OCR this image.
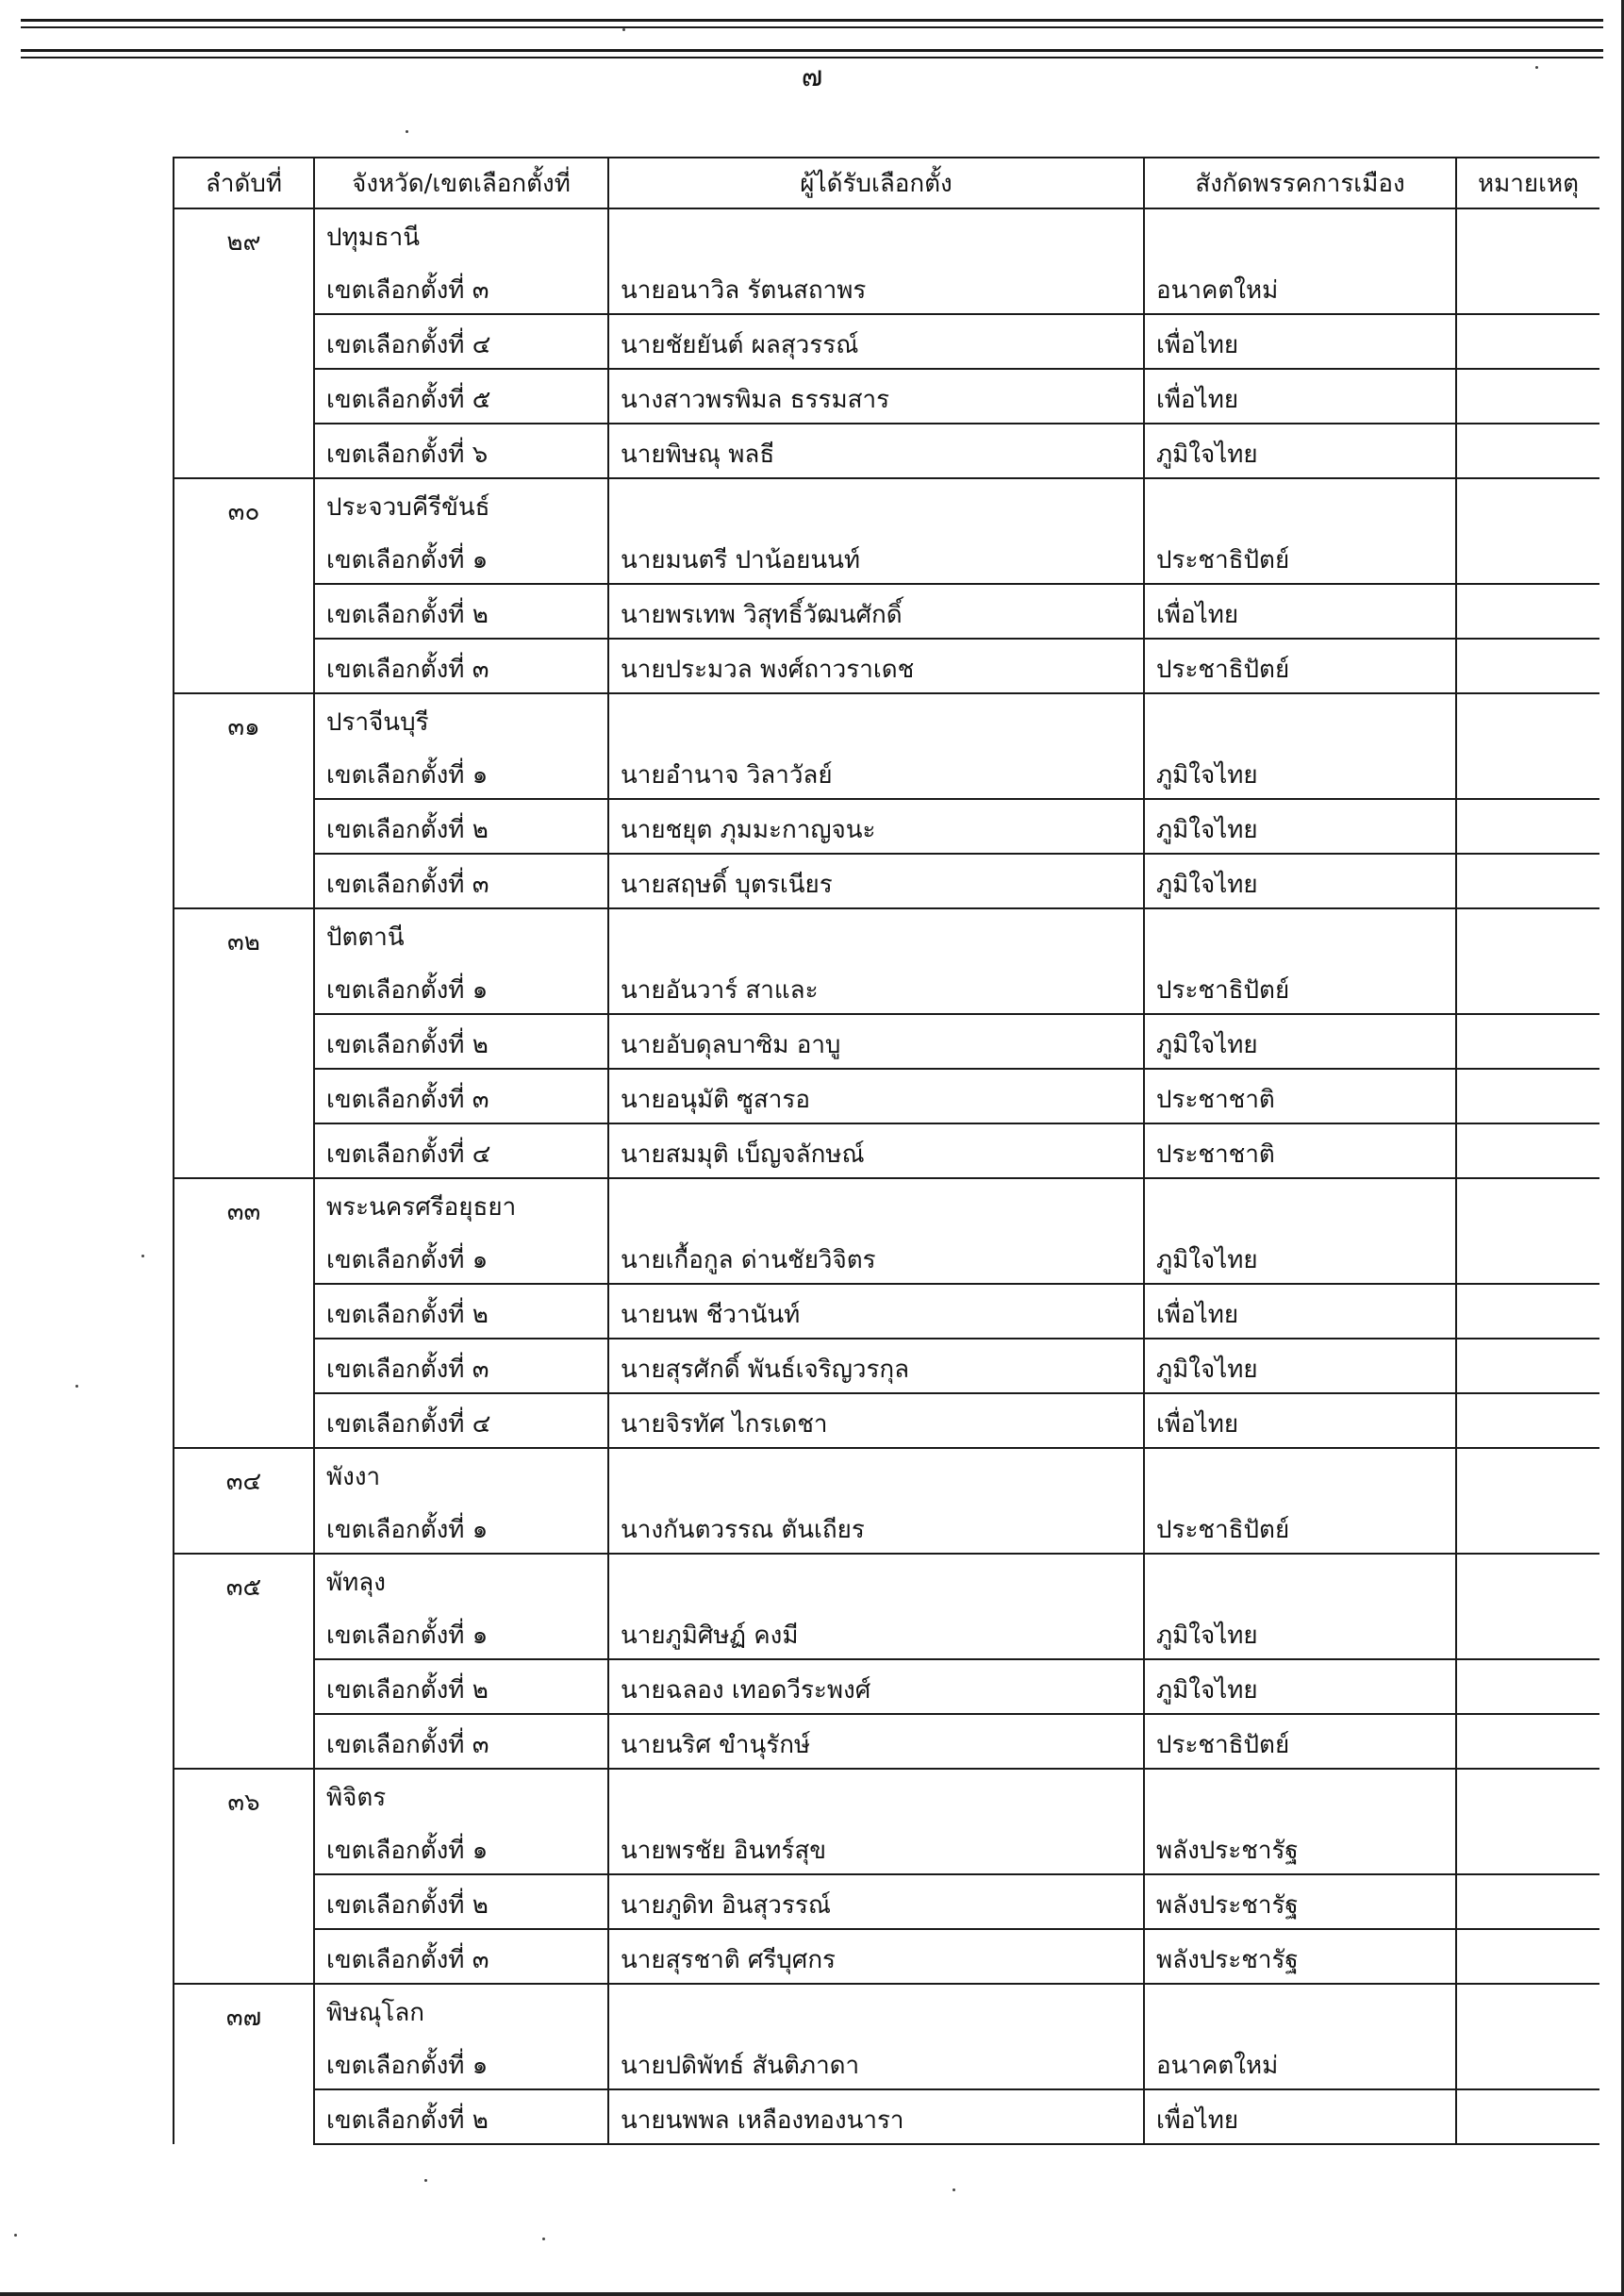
๗
ลำดับที่	จังหวัด/เขตเลือกตั้งที่	ผู้ได้รับเลือกตั้ง	สังกัดพรรคการเมือง	หมายเหตุ
๒๙	ปทุมธานี			
	เขตเลือกตั้งที่ ๓	นายอนาวิล รัตนสถาพร	อนาคตใหม่	
	เขตเลือกตั้งที่ ๔	นายชัยยันต์ ผลสุวรรณ์	เพื่อไทย	
	เขตเลือกตั้งที่ ๕	นางสาวพรพิมล ธรรมสาร	เพื่อไทย	
	เขตเลือกตั้งที่ ๖	นายพิษณุ พลธี	ภูมิใจไทย	
๓๐	ประจวบคีรีขันธ์			
	เขตเลือกตั้งที่ ๑	นายมนตรี ปาน้อยนนท์	ประชาธิปัตย์	
	เขตเลือกตั้งที่ ๒	นายพรเทพ วิสุทธิ์วัฒนศักดิ์	เพื่อไทย	
	เขตเลือกตั้งที่ ๓	นายประมวล พงศ์ถาวราเดช	ประชาธิปัตย์	
๓๑	ปราจีนบุรี			
	เขตเลือกตั้งที่ ๑	นายอำนาจ วิลาวัลย์	ภูมิใจไทย	
	เขตเลือกตั้งที่ ๒	นายชยุต ภุมมะกาญจนะ	ภูมิใจไทย	
	เขตเลือกตั้งที่ ๓	นายสฤษดิ์ บุตรเนียร	ภูมิใจไทย	
๓๒	ปัตตานี			
	เขตเลือกตั้งที่ ๑	นายอันวาร์ สาและ	ประชาธิปัตย์	
	เขตเลือกตั้งที่ ๒	นายอับดุลบาซิม อาบู	ภูมิใจไทย	
	เขตเลือกตั้งที่ ๓	นายอนุมัติ ซูสารอ	ประชาชาติ	
	เขตเลือกตั้งที่ ๔	นายสมมุติ เบ็ญจลักษณ์	ประชาชาติ	
๓๓	พระนครศรีอยุธยา			
	เขตเลือกตั้งที่ ๑	นายเกื้อกูล ด่านชัยวิจิตร	ภูมิใจไทย	
	เขตเลือกตั้งที่ ๒	นายนพ ชีวานันท์	เพื่อไทย	
	เขตเลือกตั้งที่ ๓	นายสุรศักดิ์ พันธ์เจริญวรกุล	ภูมิใจไทย	
	เขตเลือกตั้งที่ ๔	นายจิรทัศ ไกรเดชา	เพื่อไทย	
๓๔	พังงา			
	เขตเลือกตั้งที่ ๑	นางกันตวรรณ ตันเถียร	ประชาธิปัตย์	
๓๕	พัทลุง			
	เขตเลือกตั้งที่ ๑	นายภูมิศิษฏ์ คงมี	ภูมิใจไทย	
	เขตเลือกตั้งที่ ๒	นายฉลอง เทอดวีระพงศ์	ภูมิใจไทย	
	เขตเลือกตั้งที่ ๓	นายนริศ ขำนุรักษ์	ประชาธิปัตย์	
๓๖	พิจิตร			
	เขตเลือกตั้งที่ ๑	นายพรชัย อินทร์สุข	พลังประชารัฐ	
	เขตเลือกตั้งที่ ๒	นายภูดิท อินสุวรรณ์	พลังประชารัฐ	
	เขตเลือกตั้งที่ ๓	นายสุรชาติ ศรีบุศกร	พลังประชารัฐ	
๓๗	พิษณุโลก			
	เขตเลือกตั้งที่ ๑	นายปดิพัทธ์ สันติภาดา	อนาคตใหม่	
	เขตเลือกตั้งที่ ๒	นายนพพล เหลืองทองนารา	เพื่อไทย	
